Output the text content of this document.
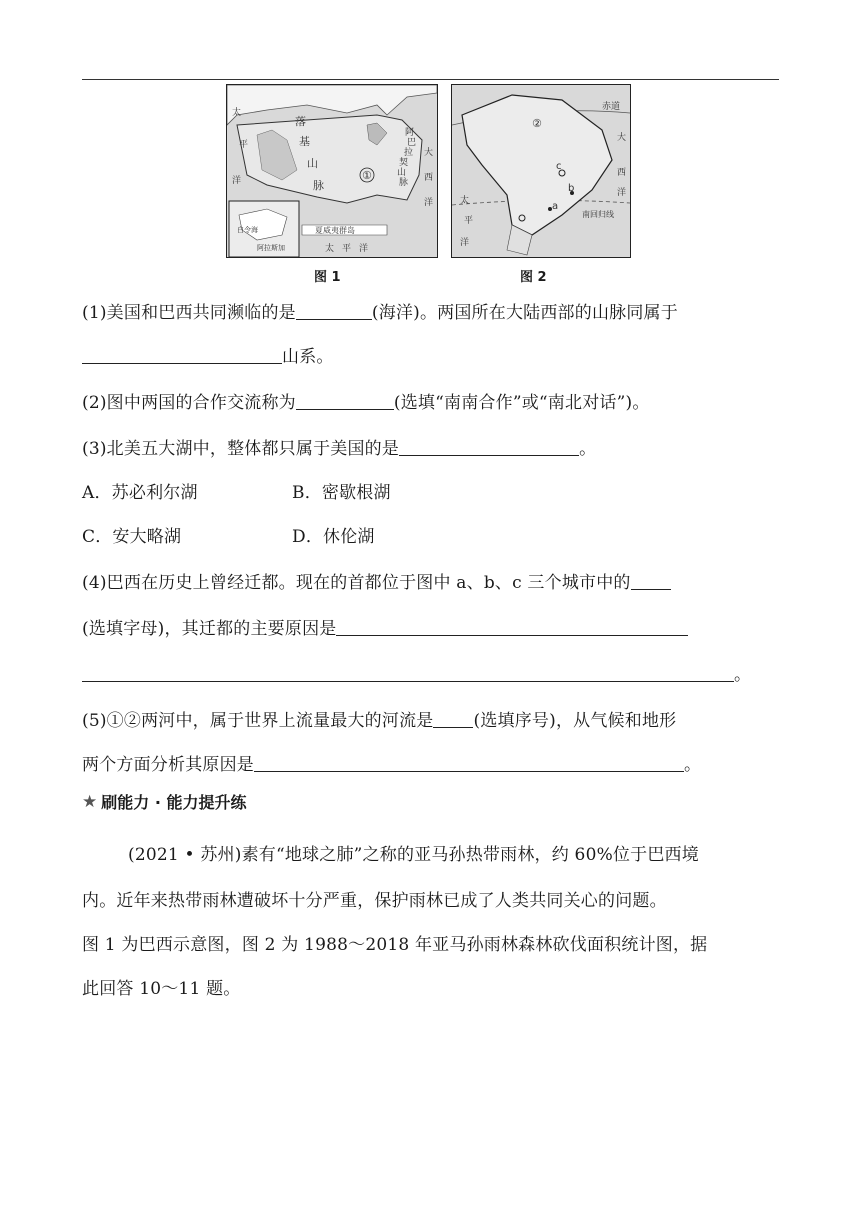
太
平
洋
落
基
山
脉
①
阿
巴
拉
契
山
脉
大
西
洋
白令海
阿拉斯加
夏威夷群岛
太 平 洋
图 1
赤道
②
c
b
a
南回归线
太
平
洋
大
西
洋
图 2
(1)美国和巴西共同濒临的是	(海洋)。两国所在大陆西部的山脉同属于
山系。
(2)图中两国的合作交流称为	(选填“南南合作”或“南北对话”)。
(3)北美五大湖中，整体都只属于美国的是	。
A．苏必利尔湖	B．密歇根湖
C．安大略湖	D．休伦湖
(4)巴西在历史上曾经迁都。现在的首都位于图中 a、b、c 三个城市中的
(选填字母)，其迁都的主要原因是
。
(5)①②两河中，属于世界上流量最大的河流是 (选填序号)，从气候和地形
两个方面分析其原因是	。
★ 刷能力 · 能力提升练
(2021 • 苏州)素有“地球之肺”之称的亚马孙热带雨林，约 60%位于巴西境
内。近年来热带雨林遭破坏十分严重，保护雨林已成了人类共同关心的问题。
图 1 为巴西示意图，图 2 为 1988～2018 年亚马孙雨林森林砍伐面积统计图，据
此回答 10～11 题。
